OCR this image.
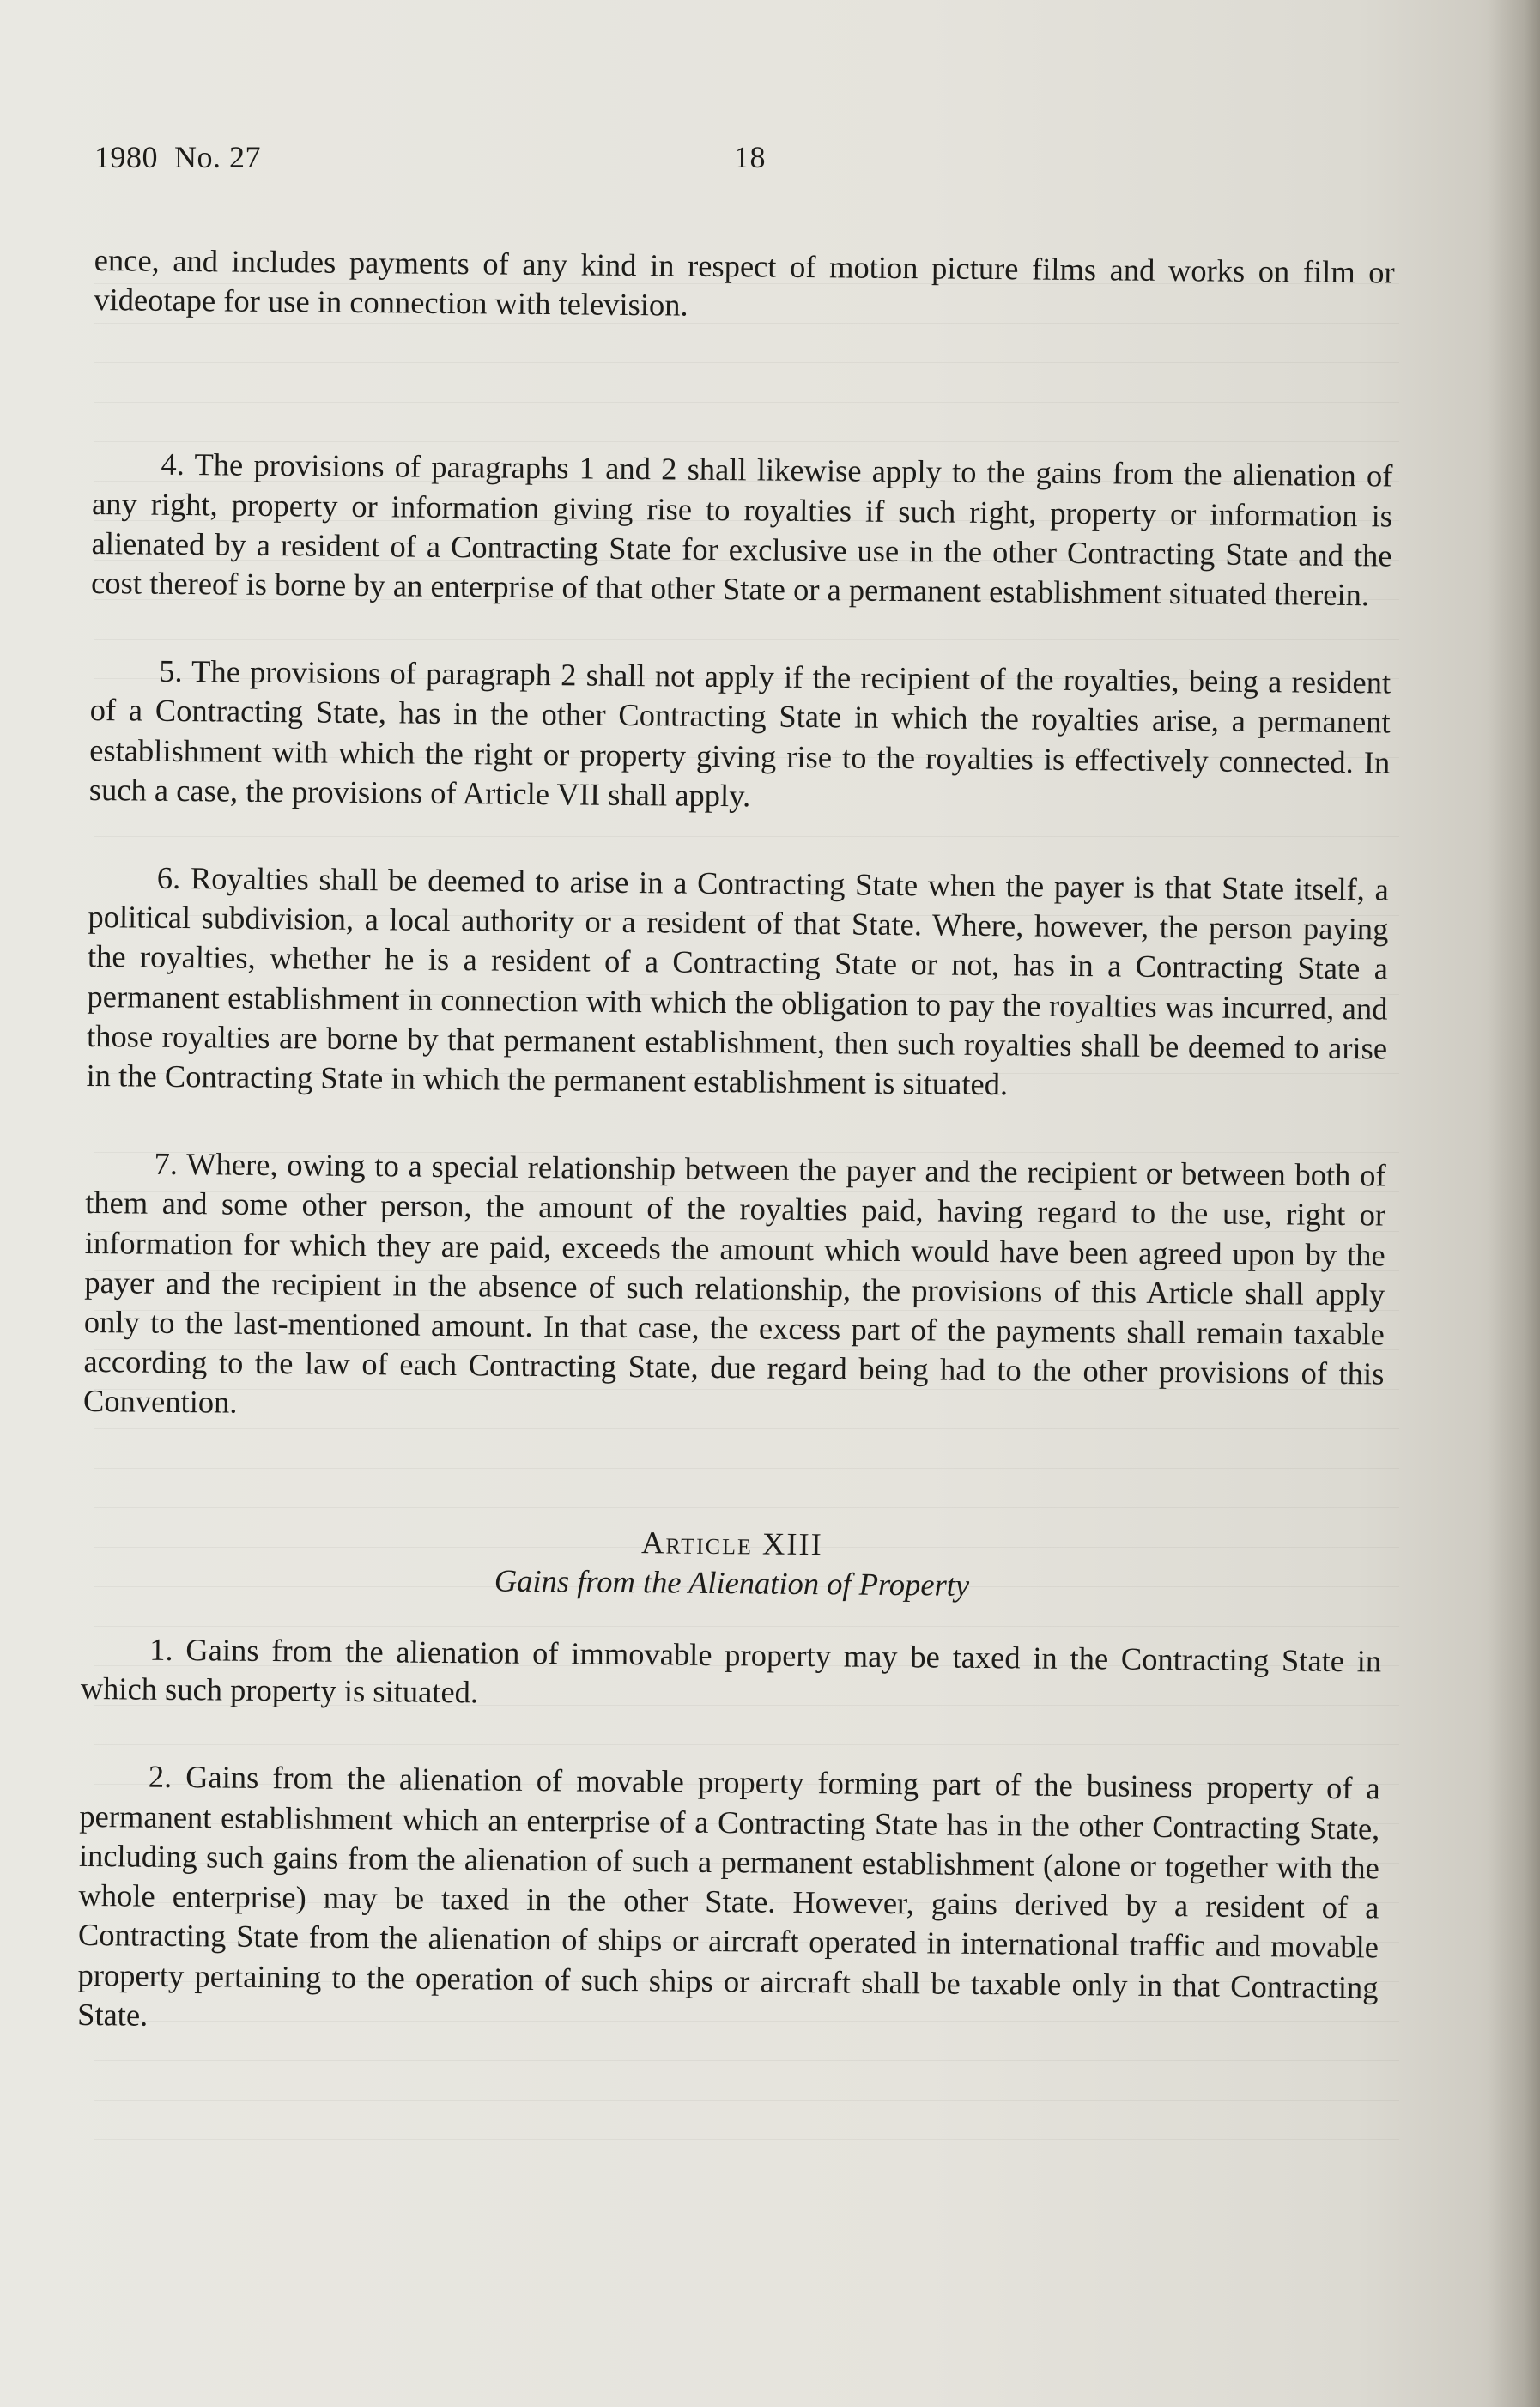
1980  No. 27	18

ence, and includes payments of any kind in respect of motion picture films and works on film or videotape for use in connection with television.

4. The provisions of paragraphs 1 and 2 shall likewise apply to the gains from the alienation of any right, property or information giving rise to royalties if such right, property or information is alienated by a resident of a Contracting State for exclusive use in the other Contracting State and the cost thereof is borne by an enterprise of that other State or a permanent establishment situated therein.

5. The provisions of paragraph 2 shall not apply if the recipient of the royalties, being a resident of a Contracting State, has in the other Contracting State in which the royalties arise, a permanent establishment with which the right or property giving rise to the royalties is effectively connected. In such a case, the provisions of Article VII shall apply.

6. Royalties shall be deemed to arise in a Contracting State when the payer is that State itself, a political subdivision, a local authority or a resident of that State. Where, however, the person paying the royalties, whether he is a resident of a Contracting State or not, has in a Contracting State a permanent establishment in connection with which the obligation to pay the royalties was incurred, and those royalties are borne by that permanent establishment, then such royalties shall be deemed to arise in the Contracting State in which the permanent establishment is situated.

7. Where, owing to a special relationship between the payer and the recipient or between both of them and some other person, the amount of the royalties paid, having regard to the use, right or information for which they are paid, exceeds the amount which would have been agreed upon by the payer and the recipient in the absence of such relationship, the provisions of this Article shall apply only to the last-mentioned amount. In that case, the excess part of the payments shall remain taxable according to the law of each Contracting State, due regard being had to the other provisions of this Convention.

Article XIII

Gains from the Alienation of Property

1. Gains from the alienation of immovable property may be taxed in the Contracting State in which such property is situated.

2. Gains from the alienation of movable property forming part of the business property of a permanent establishment which an enterprise of a Contracting State has in the other Contracting State, including such gains from the alienation of such a permanent establishment (alone or together with the whole enterprise) may be taxed in the other State. However, gains derived by a resident of a Contracting State from the alienation of ships or aircraft operated in international traffic and movable property pertaining to the operation of such ships or aircraft shall be taxable only in that Contracting State.
